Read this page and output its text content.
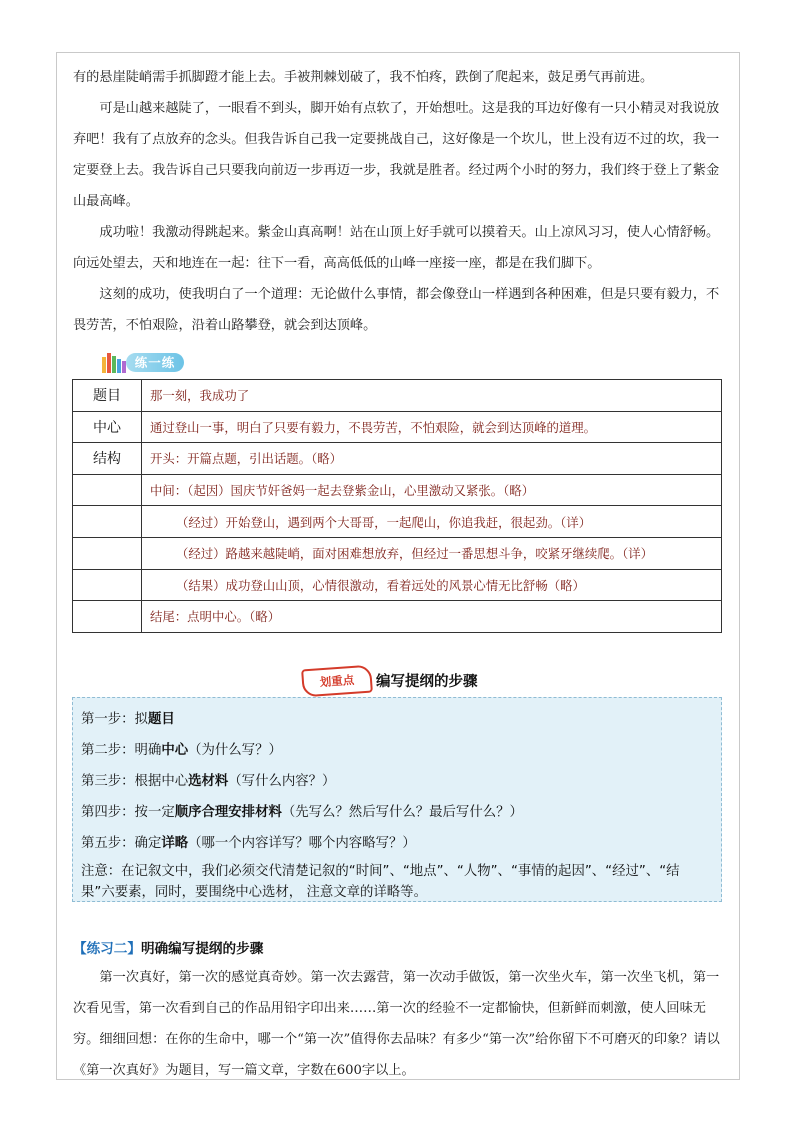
有的悬崖陡峭需手抓脚蹬才能上去。手被荆棘划破了，我不怕疼，跌倒了爬起来，鼓足勇气再前进。

可是山越来越陡了，一眼看不到头，脚开始有点软了，开始想吐。这是我的耳边好像有一只小精灵对我说放弃吧！我有了点放弃的念头。但我告诉自己我一定要挑战自己，这好像是一个坎儿，世上没有迈不过的坎，我一定要登上去。我告诉自己只要我向前迈一步再迈一步，我就是胜者。经过两个小时的努力，我们终于登上了紫金山最高峰。

成功啦！我激动得跳起来。紫金山真高啊！站在山顶上好手就可以摸着天。山上凉风习习，使人心情舒畅。向远处望去，天和地连在一起：往下一看，高高低低的山峰一座接一座，都是在我们脚下。

这刻的成功，使我明白了一个道理：无论做什么事情，都会像登山一样遇到各种困难，但是只要有毅力，不畏劳苦，不怕艰险，沿着山路攀登，就会到达顶峰。

练一练
题目	那一刻，我成功了
中心	通过登山一事，明白了只要有毅力，不畏劳苦，不怕艰险，就会到达顶峰的道理。
结构	开头：开篇点题，引出话题。（略）
	中间：（起因）国庆节奸爸妈一起去登紫金山，心里激动又紧张。（略）
	（经过）开始登山，遇到两个大哥哥，一起爬山，你追我赶，很起劲。（详）
	（经过）路越来越陡峭，面对困难想放弃，但经过一番思想斗争，咬紧牙继续爬。（详）
	（结果）成功登山山顶，心情很激动，看着远处的风景心情无比舒畅（略）
	结尾：点明中心。（略）
划重点	编写提纲的步骤
第一步：拟题目
第二步：明确中心（为什么写？）
第三步：根据中心选材料（写什么内容？）
第四步：按一定顺序合理安排材料（先写么？然后写什么？最后写什么？）
第五步：确定详略（哪一个内容详写？哪个内容略写？）
注意：在记叙文中，我们必须交代清楚记叙的“时间”、“地点”、“人物”、“事情的起因”、“经过”、“结果”六要素，同时，要围绕中心选材， 注意文章的详略等。
【练习二】明确编写提纲的步骤

第一次真好，第一次的感觉真奇妙。第一次去露营，第一次动手做饭，第一次坐火车，第一次坐飞机，第一次看见雪，第一次看到自己的作品用铅字印出来……第一次的经验不一定都愉快，但新鲜而刺激，使人回味无穷。细细回想：在你的生命中，哪一个“第一次”值得你去品味？有多少“第一次”给你留下不可磨灭的印象？请以《第一次真好》为题目，写一篇文章，字数在600字以上。
